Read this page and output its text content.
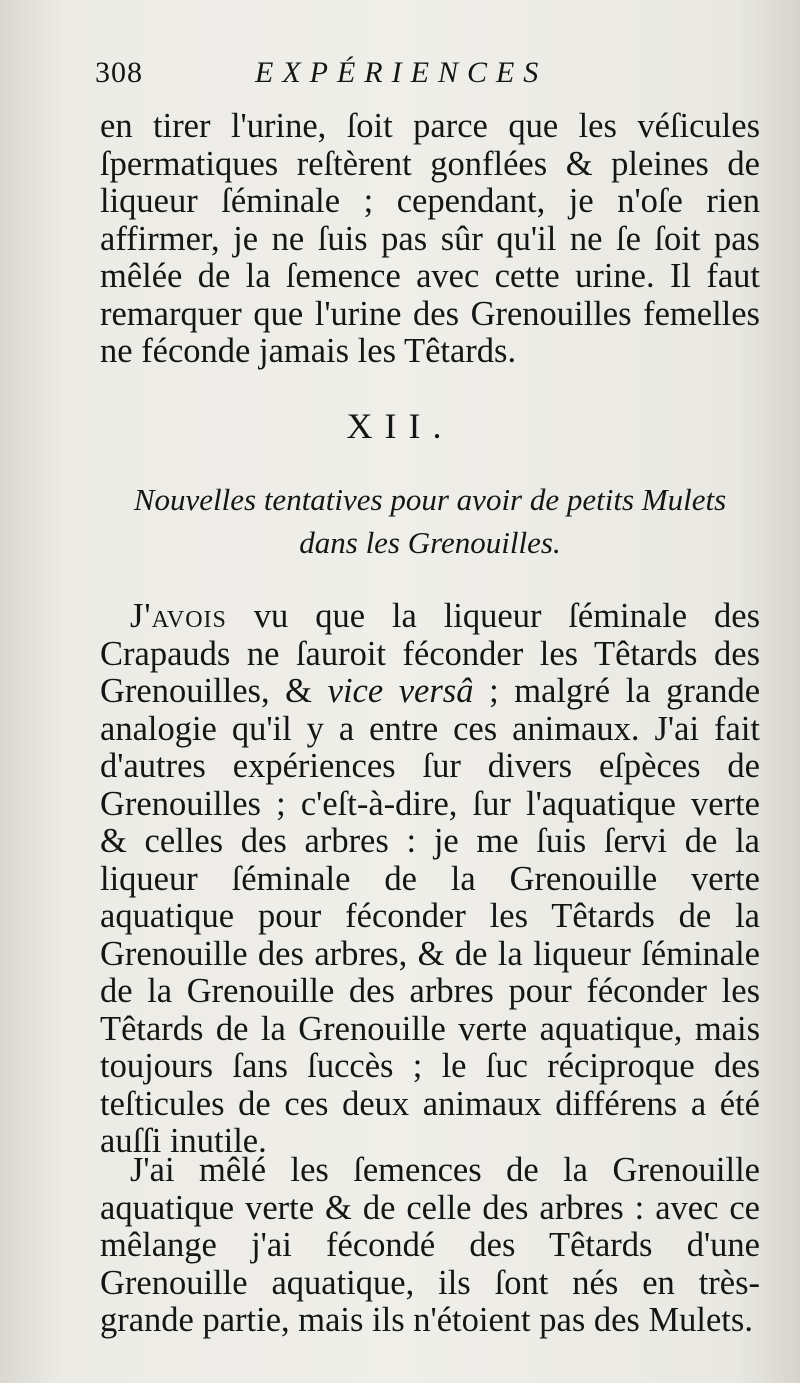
308	EXPÉRIENCES

en tirer l'urine, ſoit parce que les véſicules ſpermatiques reſtèrent gonflées & pleines de liqueur ſéminale ; cependant, je n'oſe rien affirmer, je ne ſuis pas sûr qu'il ne ſe ſoit pas mêlée de la ſemence avec cette urine. Il faut remarquer que l'urine des Grenouilles femelles ne féconde jamais les Têtards.

XII.
Nouvelles tentatives pour avoir de petits Mulets
dans les Grenouilles.

J'avois vu que la liqueur ſéminale des Crapauds ne ſauroit féconder les Têtards des Grenouilles, & vice versâ ; malgré la grande analogie qu'il y a entre ces animaux. J'ai fait d'autres expériences ſur divers eſpèces de Grenouilles ; c'eſt-à-dire, ſur l'aquatique verte & celles des arbres : je me ſuis ſervi de la liqueur ſéminale de la Grenouille verte aquatique pour féconder les Têtards de la Grenouille des arbres, & de la liqueur ſéminale de la Grenouille des arbres pour féconder les Têtards de la Grenouille verte aquatique, mais toujours ſans ſuccès ; le ſuc réciproque des teſticules de ces deux animaux différens a été auſſi inutile.

J'ai mêlé les ſemences de la Grenouille aquatique verte & de celle des arbres : avec ce mêlange j'ai fécondé des Têtards d'une Grenouille aquatique, ils ſont nés en très-grande partie, mais ils n'étoient pas des Mulets.
